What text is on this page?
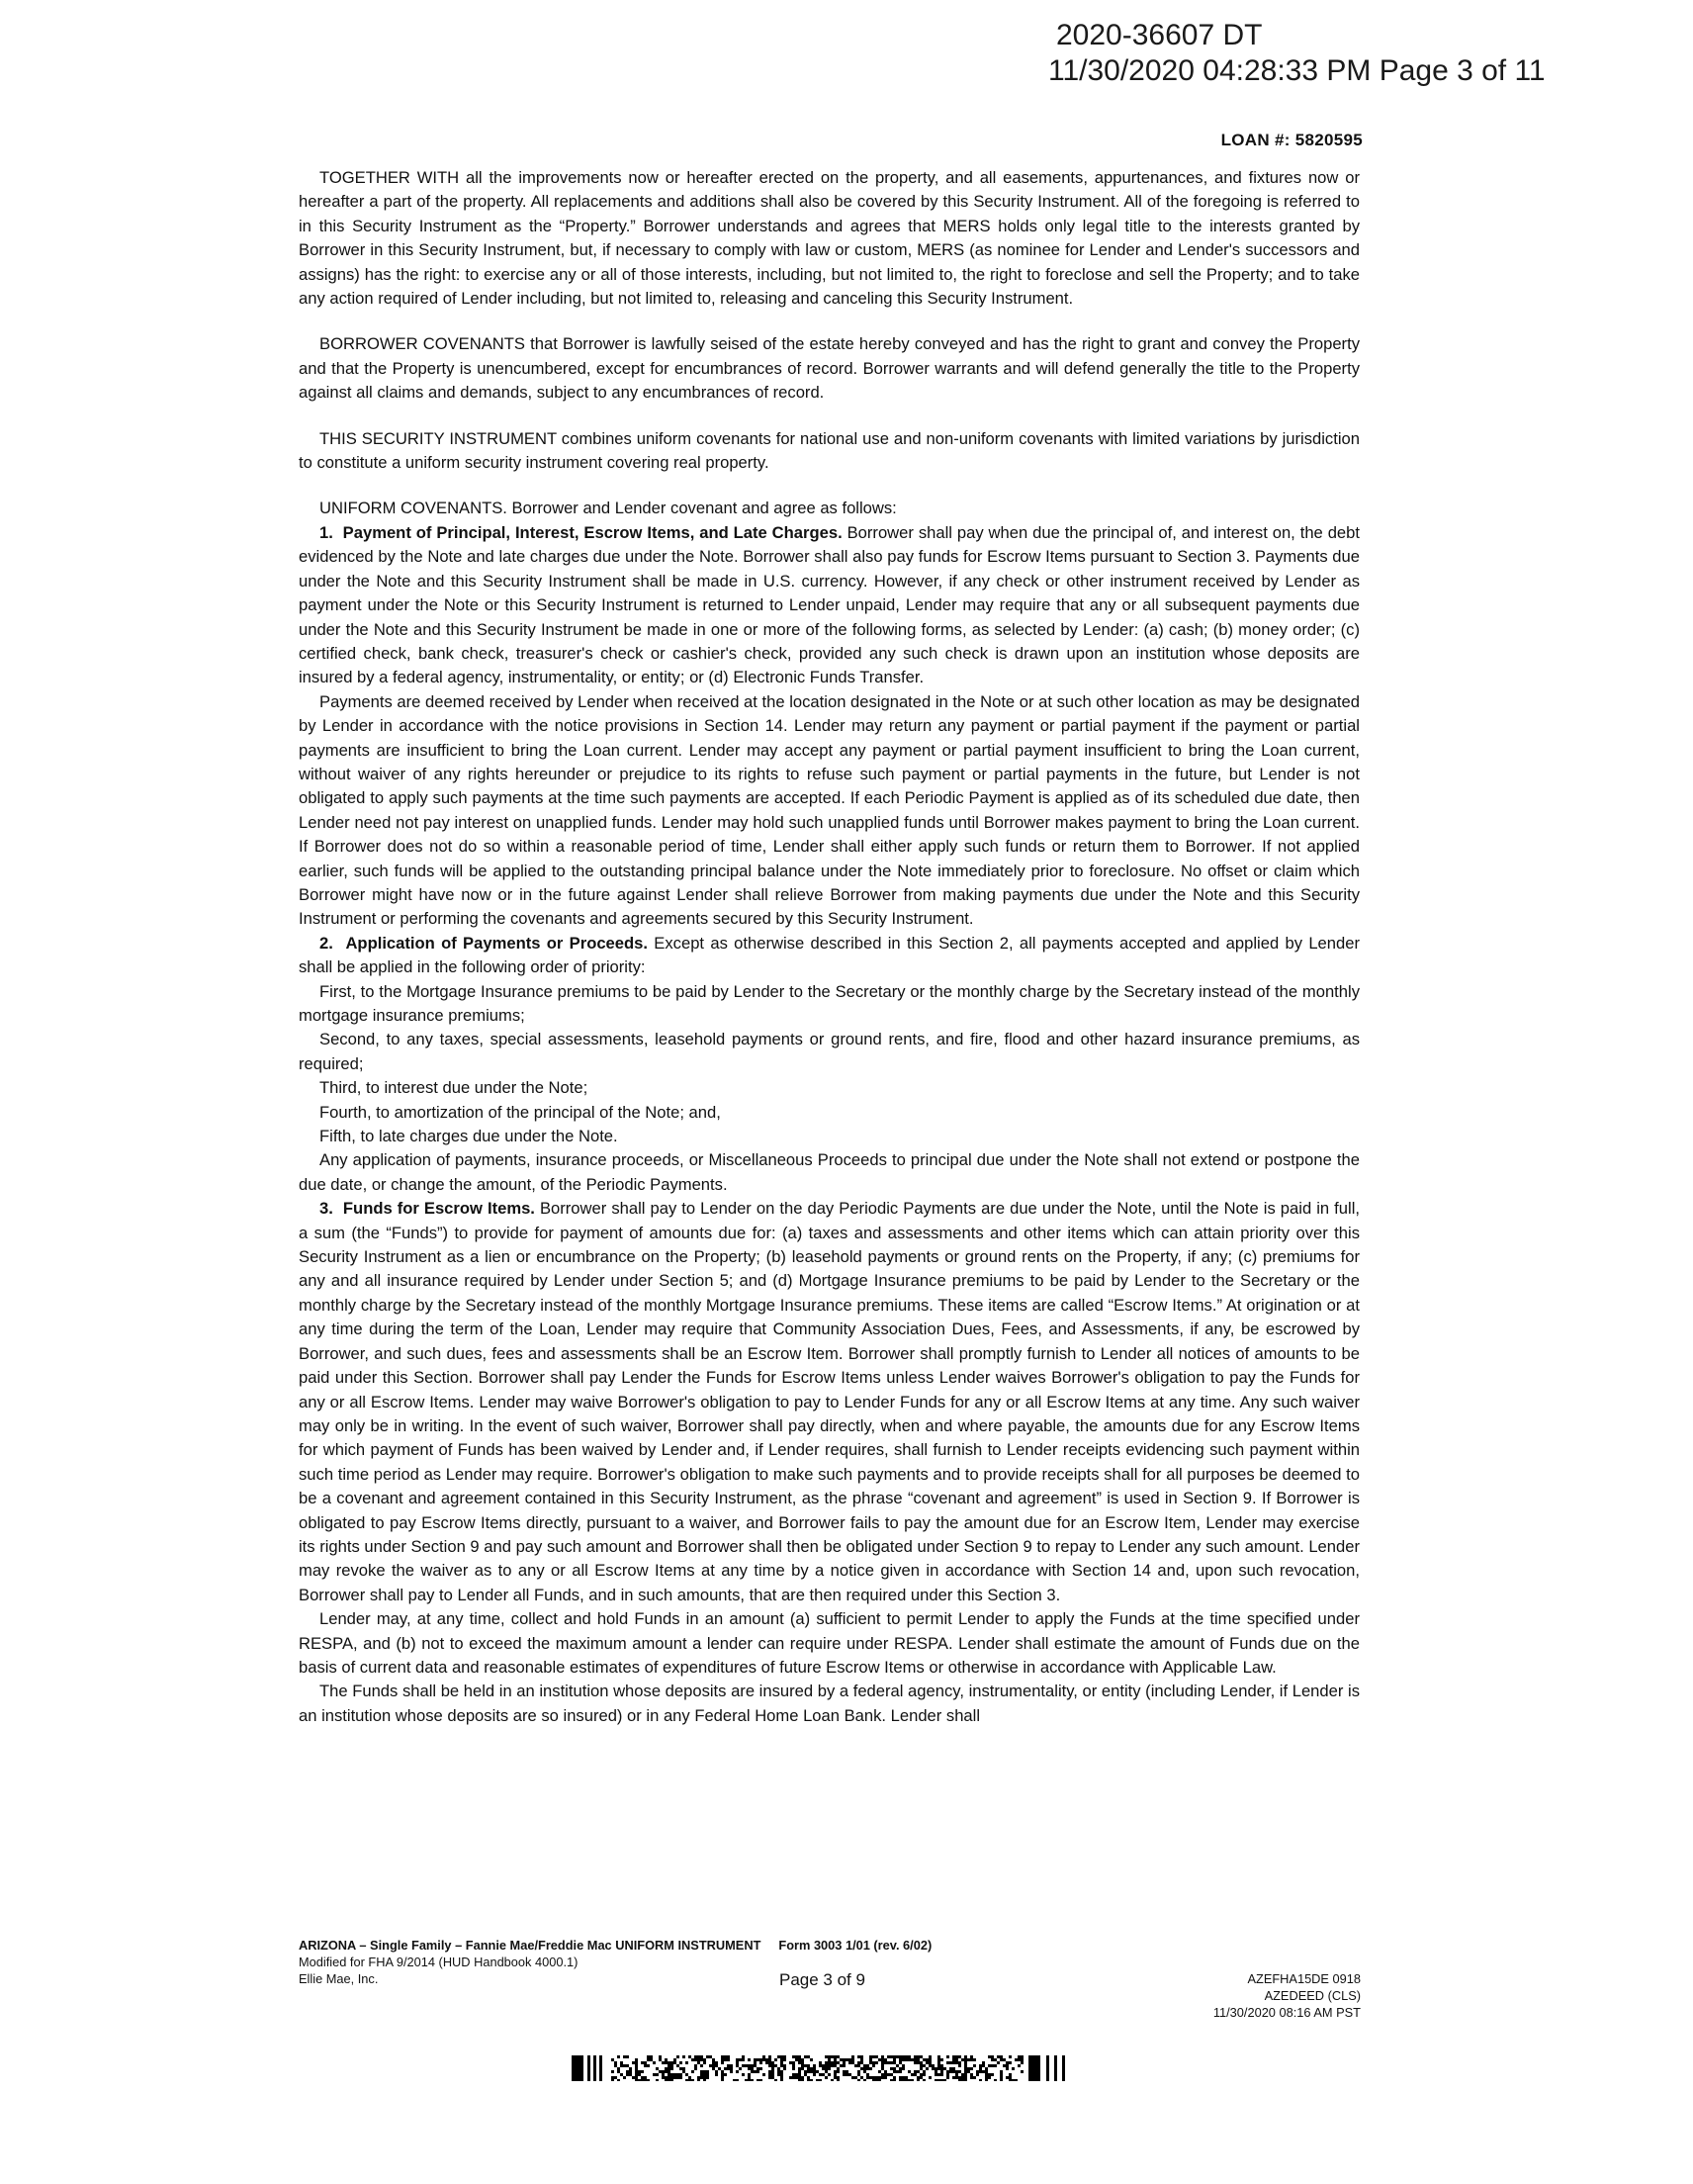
2020-36607 DT
11/30/2020 04:28:33 PM Page 3 of 11
LOAN #: 5820595

TOGETHER WITH all the improvements now or hereafter erected on the property, and all easements, appurtenances, and fixtures now or hereafter a part of the property. All replacements and additions shall also be covered by this Security Instrument. All of the foregoing is referred to in this Security Instrument as the “Property.” Borrower understands and agrees that MERS holds only legal title to the interests granted by Borrower in this Security Instrument, but, if necessary to comply with law or custom, MERS (as nominee for Lender and Lender's successors and assigns) has the right: to exercise any or all of those interests, including, but not limited to, the right to foreclose and sell the Property; and to take any action required of Lender including, but not limited to, releasing and canceling this Security Instrument.

BORROWER COVENANTS that Borrower is lawfully seised of the estate hereby conveyed and has the right to grant and convey the Property and that the Property is unencumbered, except for encumbrances of record. Borrower warrants and will defend generally the title to the Property against all claims and demands, subject to any encumbrances of record.

THIS SECURITY INSTRUMENT combines uniform covenants for national use and non-uniform covenants with limited variations by jurisdiction to constitute a uniform security instrument covering real property.

UNIFORM COVENANTS. Borrower and Lender covenant and agree as follows:

1.  Payment of Principal, Interest, Escrow Items, and Late Charges. Borrower shall pay when due the principal of, and interest on, the debt evidenced by the Note and late charges due under the Note. Borrower shall also pay funds for Escrow Items pursuant to Section 3. Payments due under the Note and this Security Instrument shall be made in U.S. currency. However, if any check or other instrument received by Lender as payment under the Note or this Security Instrument is returned to Lender unpaid, Lender may require that any or all subsequent payments due under the Note and this Security Instrument be made in one or more of the following forms, as selected by Lender: (a) cash; (b) money order; (c) certified check, bank check, treasurer's check or cashier's check, provided any such check is drawn upon an institution whose deposits are insured by a federal agency, instrumentality, or entity; or (d) Electronic Funds Transfer.

Payments are deemed received by Lender when received at the location designated in the Note or at such other location as may be designated by Lender in accordance with the notice provisions in Section 14. Lender may return any payment or partial payment if the payment or partial payments are insufficient to bring the Loan current. Lender may accept any payment or partial payment insufficient to bring the Loan current, without waiver of any rights hereunder or prejudice to its rights to refuse such payment or partial payments in the future, but Lender is not obligated to apply such payments at the time such payments are accepted. If each Periodic Payment is applied as of its scheduled due date, then Lender need not pay interest on unapplied funds. Lender may hold such unapplied funds until Borrower makes payment to bring the Loan current. If Borrower does not do so within a reasonable period of time, Lender shall either apply such funds or return them to Borrower. If not applied earlier, such funds will be applied to the outstanding principal balance under the Note immediately prior to foreclosure. No offset or claim which Borrower might have now or in the future against Lender shall relieve Borrower from making payments due under the Note and this Security Instrument or performing the covenants and agreements secured by this Security Instrument.

2.  Application of Payments or Proceeds. Except as otherwise described in this Section 2, all payments accepted and applied by Lender shall be applied in the following order of priority:

First, to the Mortgage Insurance premiums to be paid by Lender to the Secretary or the monthly charge by the Secretary instead of the monthly mortgage insurance premiums;

Second, to any taxes, special assessments, leasehold payments or ground rents, and fire, flood and other hazard insurance premiums, as required;

Third, to interest due under the Note;

Fourth, to amortization of the principal of the Note; and,

Fifth, to late charges due under the Note.

Any application of payments, insurance proceeds, or Miscellaneous Proceeds to principal due under the Note shall not extend or postpone the due date, or change the amount, of the Periodic Payments.

3.  Funds for Escrow Items. Borrower shall pay to Lender on the day Periodic Payments are due under the Note, until the Note is paid in full, a sum (the “Funds”) to provide for payment of amounts due for: (a) taxes and assessments and other items which can attain priority over this Security Instrument as a lien or encumbrance on the Property; (b) leasehold payments or ground rents on the Property, if any; (c) premiums for any and all insurance required by Lender under Section 5; and (d) Mortgage Insurance premiums to be paid by Lender to the Secretary or the monthly charge by the Secretary instead of the monthly Mortgage Insurance premiums. These items are called “Escrow Items.” At origination or at any time during the term of the Loan, Lender may require that Community Association Dues, Fees, and Assessments, if any, be escrowed by Borrower, and such dues, fees and assessments shall be an Escrow Item. Borrower shall promptly furnish to Lender all notices of amounts to be paid under this Section. Borrower shall pay Lender the Funds for Escrow Items unless Lender waives Borrower's obligation to pay the Funds for any or all Escrow Items. Lender may waive Borrower's obligation to pay to Lender Funds for any or all Escrow Items at any time. Any such waiver may only be in writing. In the event of such waiver, Borrower shall pay directly, when and where payable, the amounts due for any Escrow Items for which payment of Funds has been waived by Lender and, if Lender requires, shall furnish to Lender receipts evidencing such payment within such time period as Lender may require. Borrower's obligation to make such payments and to provide receipts shall for all purposes be deemed to be a covenant and agreement contained in this Security Instrument, as the phrase “covenant and agreement” is used in Section 9. If Borrower is obligated to pay Escrow Items directly, pursuant to a waiver, and Borrower fails to pay the amount due for an Escrow Item, Lender may exercise its rights under Section 9 and pay such amount and Borrower shall then be obligated under Section 9 to repay to Lender any such amount. Lender may revoke the waiver as to any or all Escrow Items at any time by a notice given in accordance with Section 14 and, upon such revocation, Borrower shall pay to Lender all Funds, and in such amounts, that are then required under this Section 3.

Lender may, at any time, collect and hold Funds in an amount (a) sufficient to permit Lender to apply the Funds at the time specified under RESPA, and (b) not to exceed the maximum amount a lender can require under RESPA. Lender shall estimate the amount of Funds due on the basis of current data and reasonable estimates of expenditures of future Escrow Items or otherwise in accordance with Applicable Law.

The Funds shall be held in an institution whose deposits are insured by a federal agency, instrumentality, or entity (including Lender, if Lender is an institution whose deposits are so insured) or in any Federal Home Loan Bank. Lender shall

ARIZONA – Single Family – Fannie Mae/Freddie Mac UNIFORM INSTRUMENT Form 3003 1/01 (rev. 6/02)
Modified for FHA 9/2014 (HUD Handbook 4000.1)
Ellie Mae, Inc.	Page 3 of 9	AZEFHA15DE 0918
AZEDEED (CLS)
11/30/2020 08:16 AM PST
